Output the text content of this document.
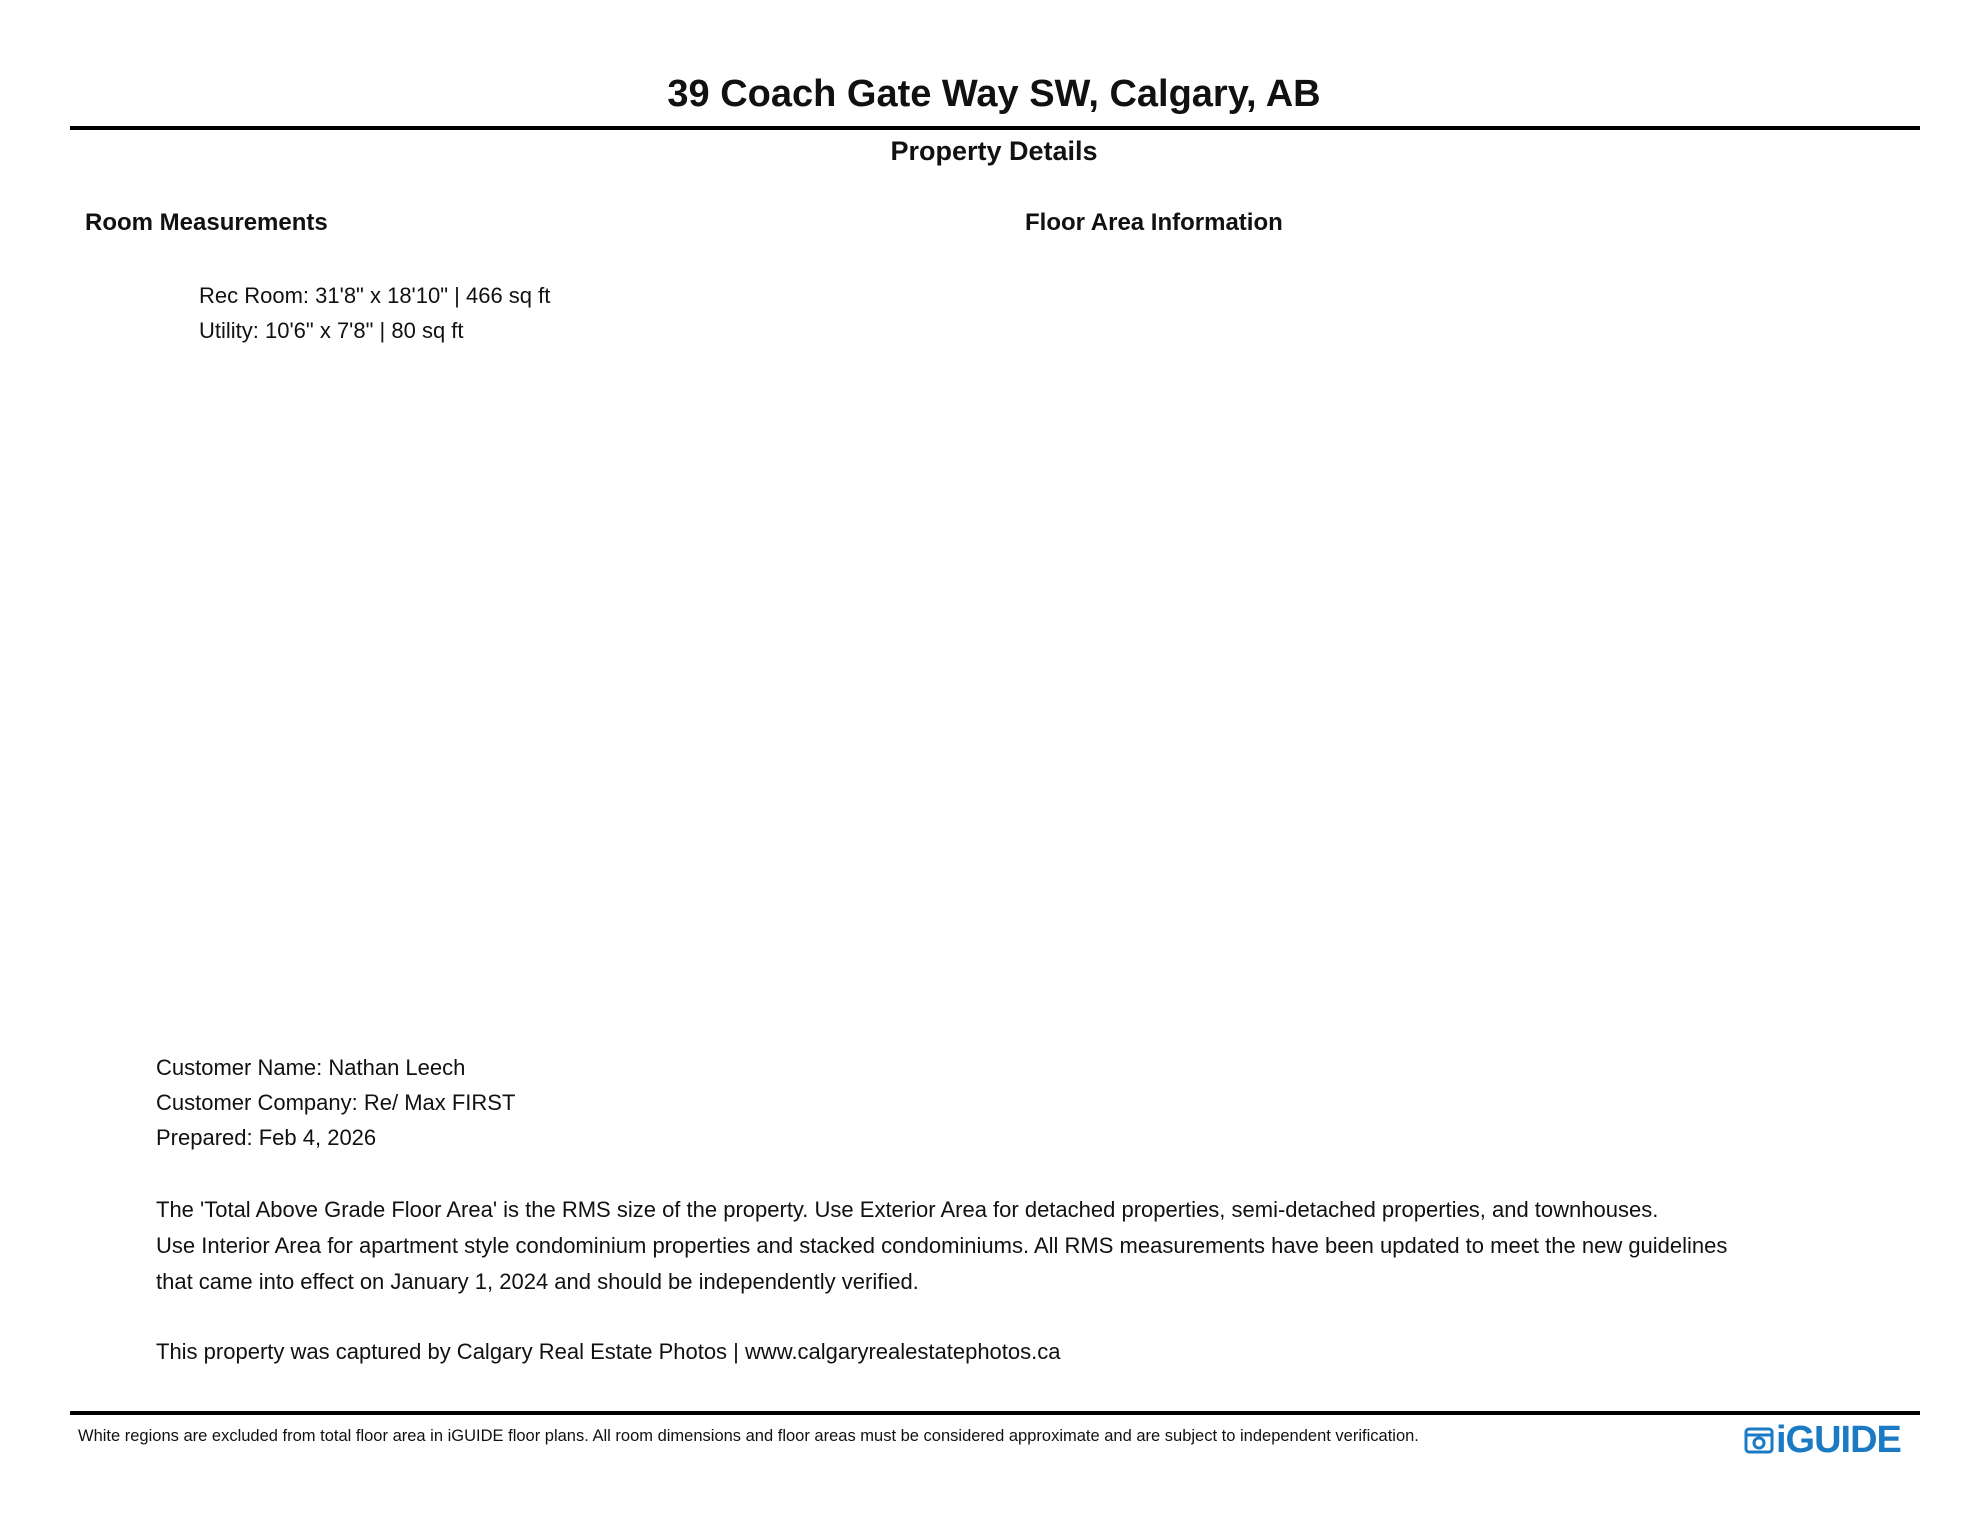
39 Coach Gate Way SW, Calgary, AB
Property Details
Room Measurements	Floor Area Information
Rec Room: 31'8" x 18'10" | 466 sq ft
Utility: 10'6" x 7'8" | 80 sq ft
Customer Name: Nathan Leech
Customer Company: Re/ Max FIRST
Prepared: Feb 4, 2026
The 'Total Above Grade Floor Area' is the RMS size of the property. Use Exterior Area for detached properties, semi-detached properties, and townhouses.
Use Interior Area for apartment style condominium properties and stacked condominiums. All RMS measurements have been updated to meet the new guidelines
that came into effect on January 1, 2024 and should be independently verified.
This property was captured by Calgary Real Estate Photos | www.calgaryrealestatephotos.ca
White regions are excluded from total floor area in iGUIDE floor plans. All room dimensions and floor areas must be considered approximate and are subject to independent verification.	iGUIDE
